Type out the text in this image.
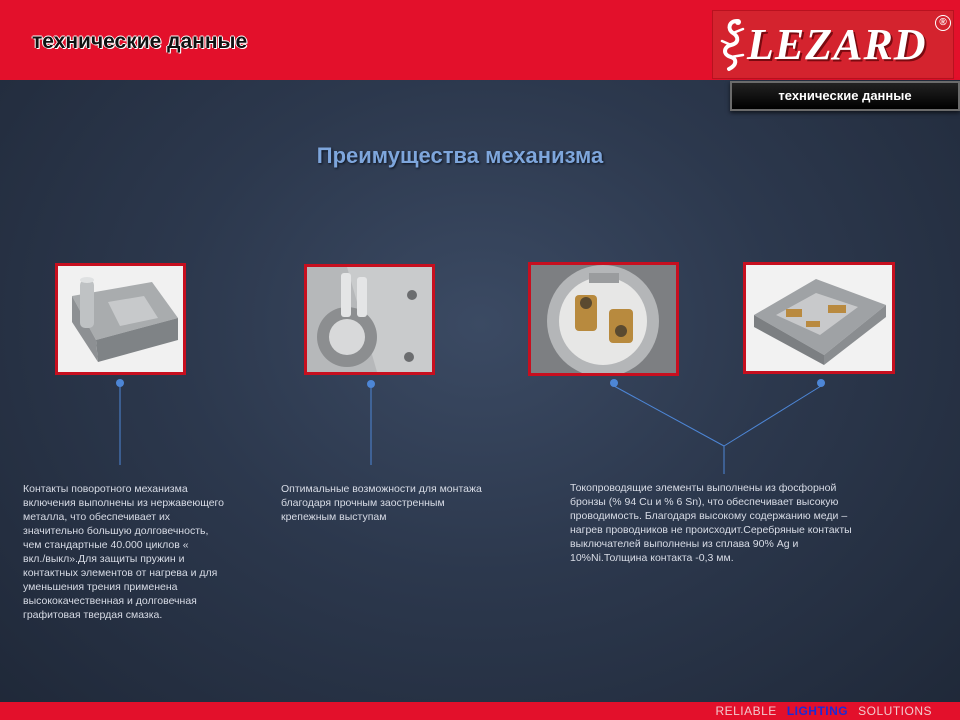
технические данные	LEZARD	®
технические данные
Преимущества механизма
Контакты поворотного механизма
включения выполнены из нержавеющего
металла, что обеспечивает их
значительно большую долговечность,
чем стандартные 40.000 циклов «
вкл./выкл».Для защиты пружин и
контактных элементов от нагрева и для
уменьшения трения применена
высококачественная и долговечная
графитовая твердая смазка.
Оптимальные возможности для монтажа
благодаря прочным заостренным
крепежным выступам
Токопроводящие элементы выполнены из фосфорной
бронзы (% 94 Cu и % 6 Sn), что обеспечивает высокую
проводимость. Благодаря высокому содержанию меди –
нагрев проводников не происходит.Серебряные контакты
выключателей выполнены из сплава 90% Ag и
10%Ni.Толщина контакта -0,3 мм.
RELIABLE LIGHTING SOLUTIONS
